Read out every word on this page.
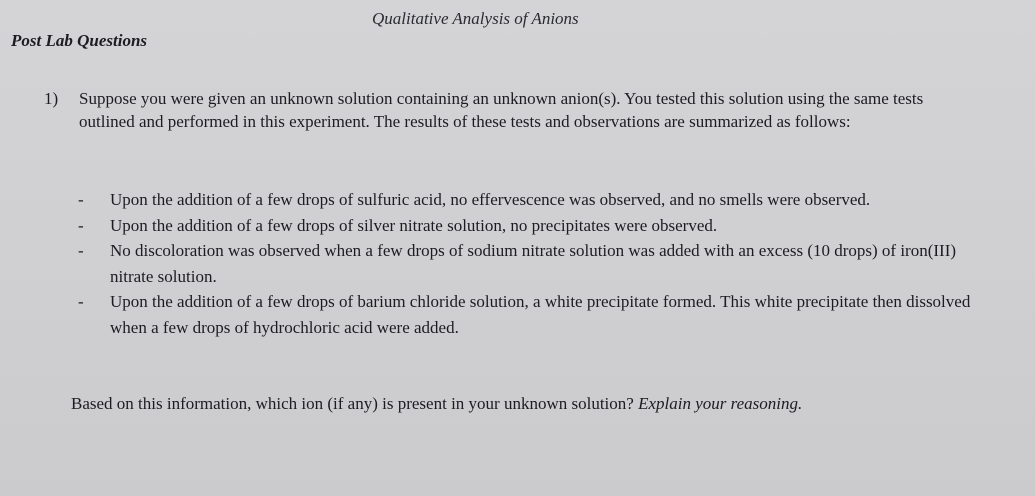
Qualitative Analysis of Anions
Post Lab Questions
1) Suppose you were given an unknown solution containing an unknown anion(s). You tested this solution using the same tests outlined and performed in this experiment. The results of these tests and observations are summarized as follows:
- Upon the addition of a few drops of sulfuric acid, no effervescence was observed, and no smells were observed.
- Upon the addition of a few drops of silver nitrate solution, no precipitates were observed.
- No discoloration was observed when a few drops of sodium nitrate solution was added with an excess (10 drops) of iron(III) nitrate solution.
- Upon the addition of a few drops of barium chloride solution, a white precipitate formed. This white precipitate then dissolved when a few drops of hydrochloric acid were added.
Based on this information, which ion (if any) is present in your unknown solution? Explain your reasoning.
